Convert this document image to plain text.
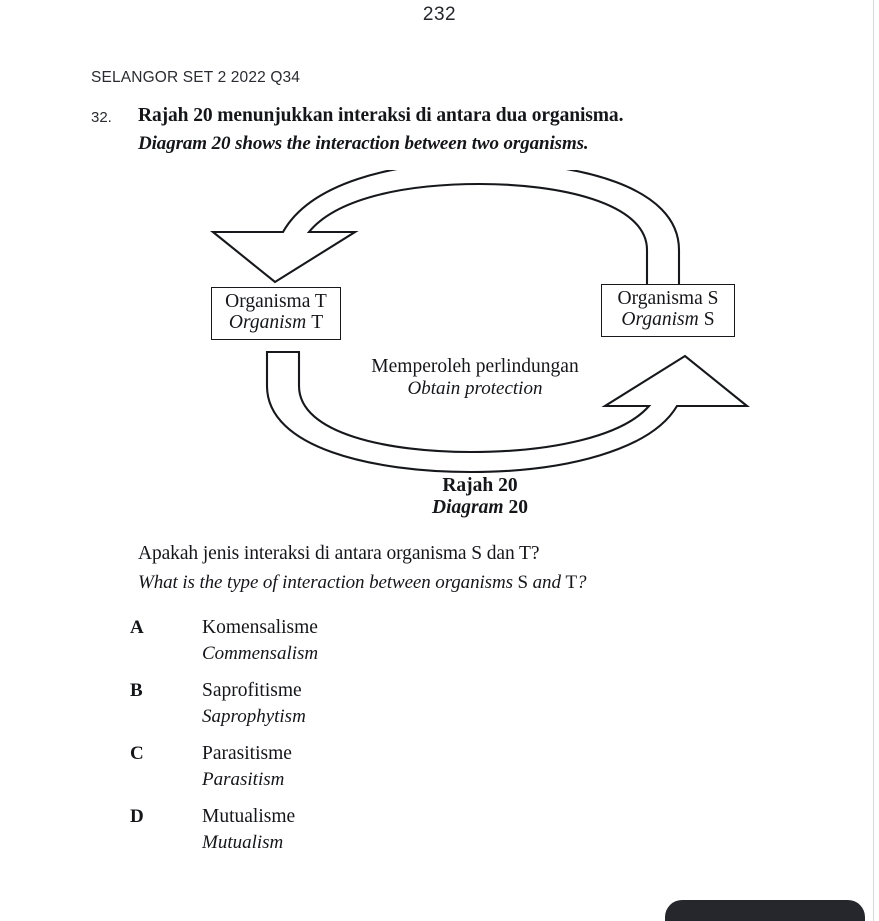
232
SELANGOR SET 2 2022 Q34
32. Rajah 20 menunjukkan interaksi di antara dua organisma.
Diagram 20 shows the interaction between two organisms.
Organisma T
Organism T
Organisma S
Organism S
Memperoleh perlindungan
Obtain protection
Rajah 20
Diagram 20
Apakah jenis interaksi di antara organisma S dan T?
What is the type of interaction between organisms S and T?
A	Komensalisme
Commensalism
B	Saprofitisme
Saprophytism
C	Parasitisme
Parasitism
D	Mutualisme
Mutualism
